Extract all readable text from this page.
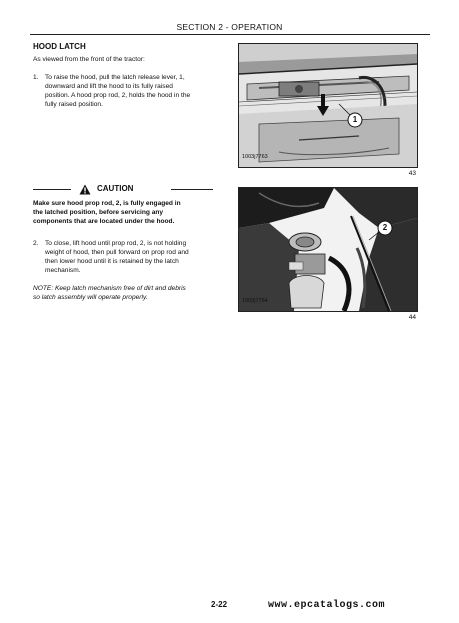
SECTION 2 - OPERATION
HOOD LATCH
As viewed from the front of the tractor:
1. To raise the hood, pull the latch release lever, 1,
downward and lift the hood to its fully raised
position. A hood prop rod, 2, holds the hood in the
fully raised position.
CAUTION
Make sure hood prop rod, 2, is fully engaged in
the latched position, before servicing any
components that are located under the hood.
2. To close, lift hood until prop rod, 2, is not holding
weight of hood, then pull forward on prop rod and
then lower hood until it is retained by the latch
mechanism.
NOTE: Keep latch mechanism free of dirt and debris
so latch assembly will operate properly.
1
1003j7763
43
2
1003j7764
44
2-22	www.epcatalogs.com
